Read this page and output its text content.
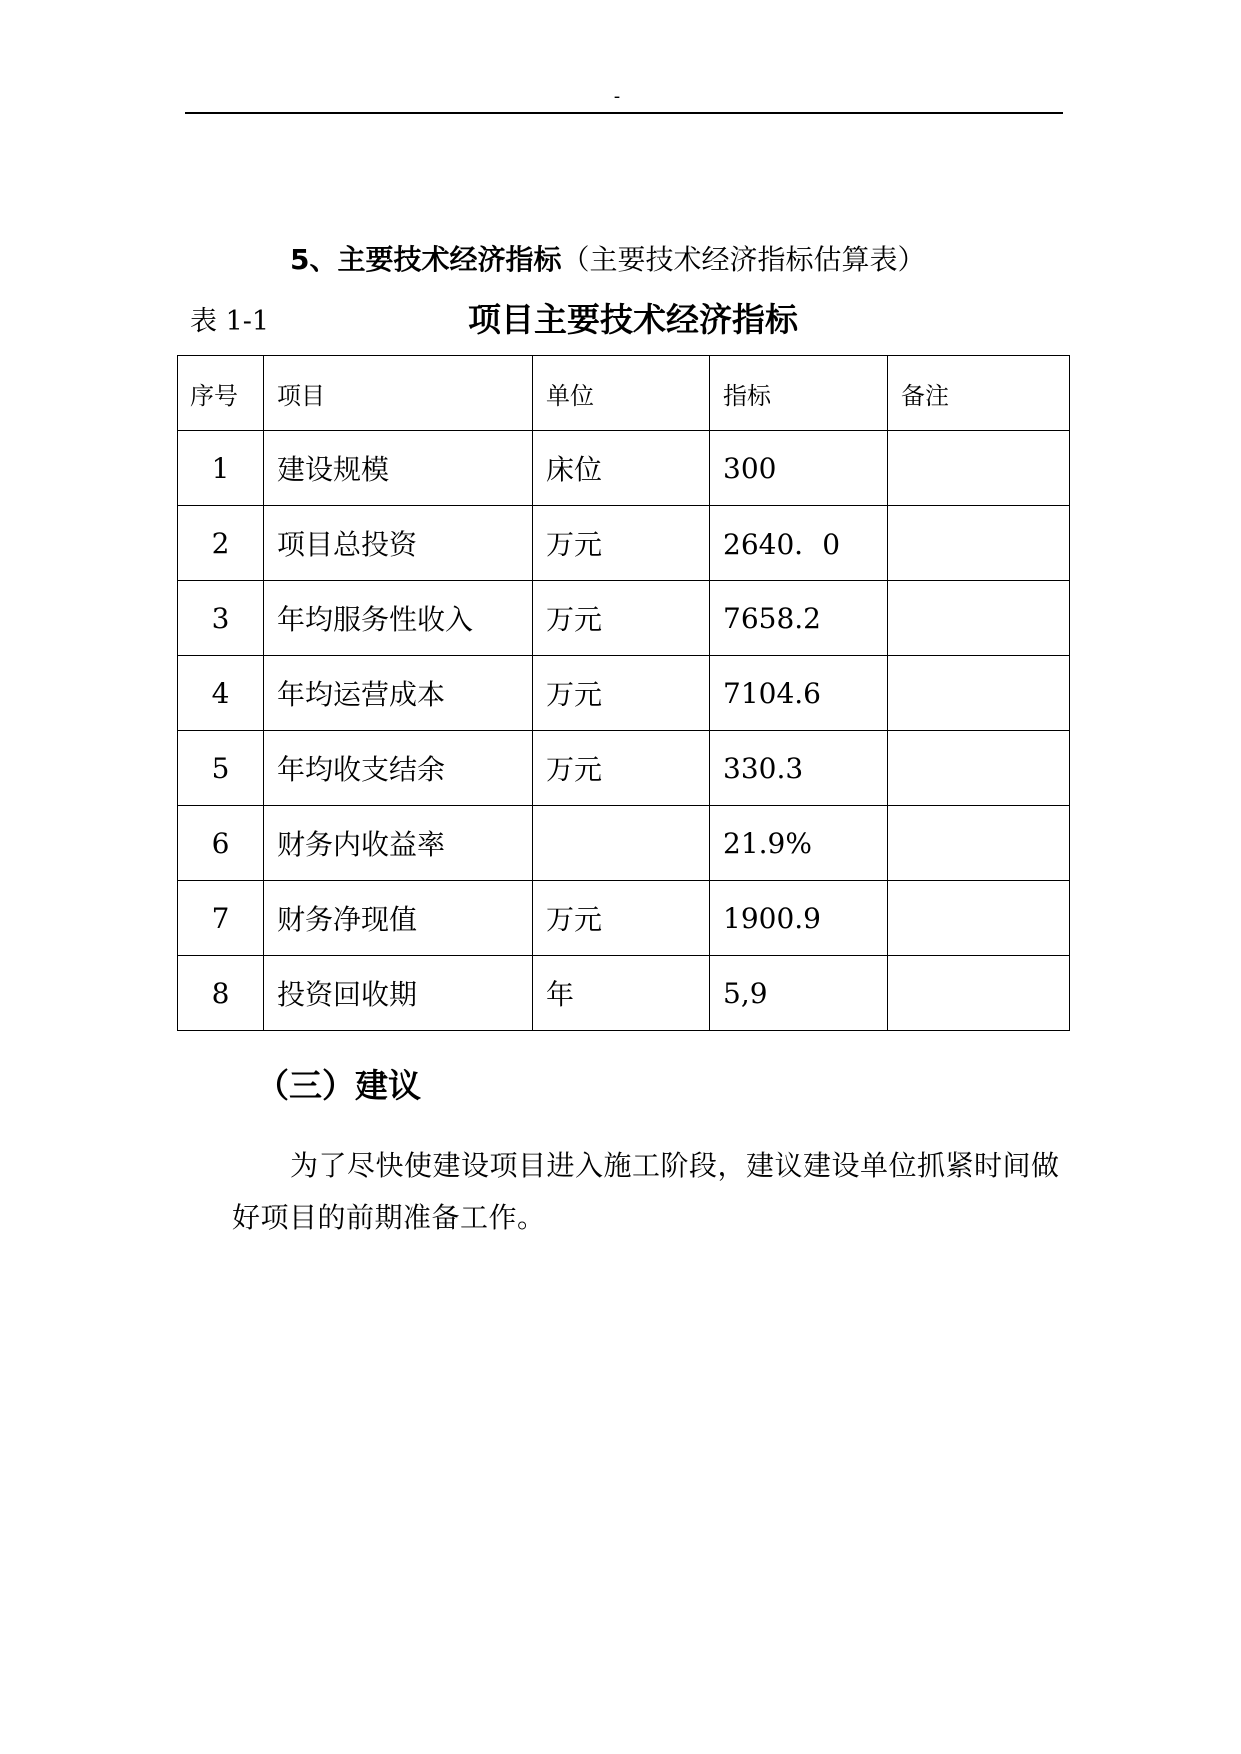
-
5、主要技术经济指标（主要技术经济指标估算表）
表 1-1	项目主要技术经济指标
序号	项目	单位	指标	备注
1	建设规模	床位	300	
2	项目总投资	万元	2640．0	
3	年均服务性收入	万元	7658.2	
4	年均运营成本	万元	7104.6	
5	年均收支结余	万元	330.3	
6	财务内收益率		21.9%	
7	财务净现值	万元	1900.9	
8	投资回收期	年	5,9	
（三）建议
为了尽快使建设项目进入施工阶段，建议建设单位抓紧时间做好项目的前期准备工作。
